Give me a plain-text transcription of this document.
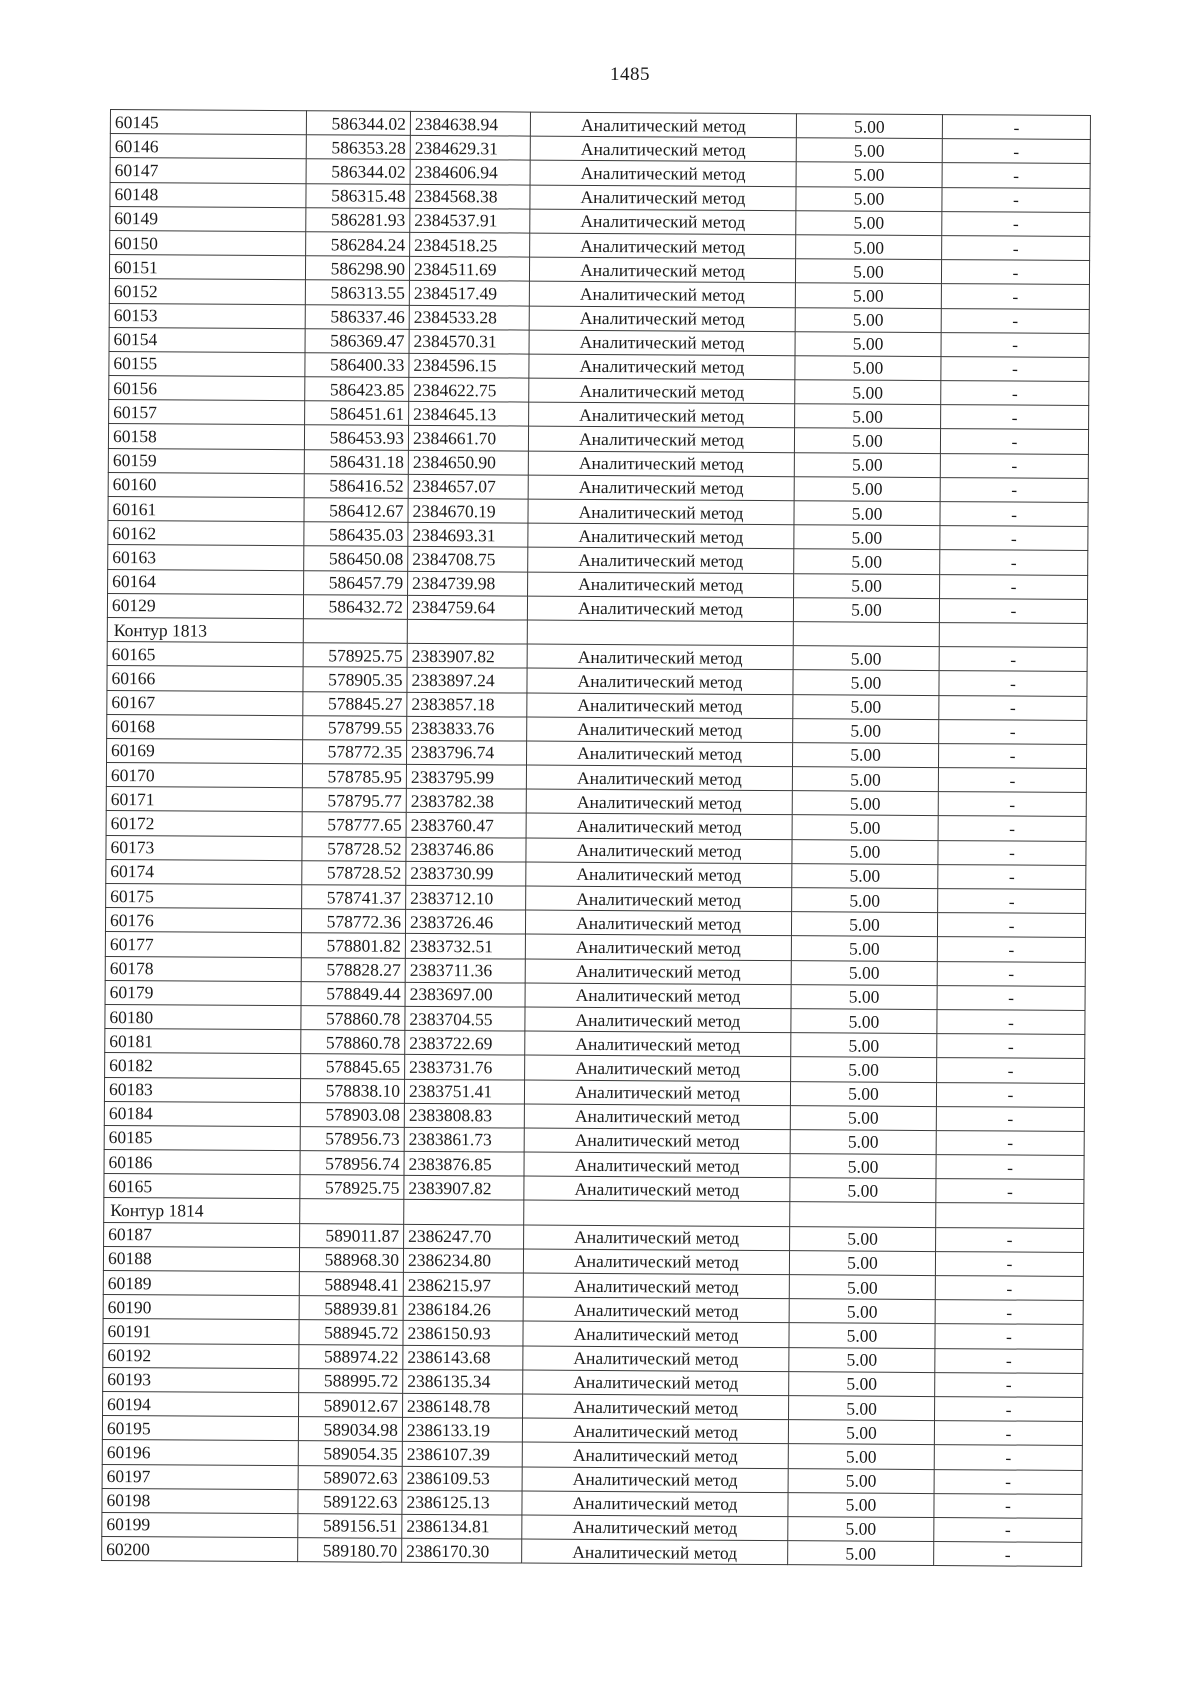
1485
60145	586344.02	2384638.94	Аналитический метод	5.00	-
60146	586353.28	2384629.31	Аналитический метод	5.00	-
60147	586344.02	2384606.94	Аналитический метод	5.00	-
60148	586315.48	2384568.38	Аналитический метод	5.00	-
60149	586281.93	2384537.91	Аналитический метод	5.00	-
60150	586284.24	2384518.25	Аналитический метод	5.00	-
60151	586298.90	2384511.69	Аналитический метод	5.00	-
60152	586313.55	2384517.49	Аналитический метод	5.00	-
60153	586337.46	2384533.28	Аналитический метод	5.00	-
60154	586369.47	2384570.31	Аналитический метод	5.00	-
60155	586400.33	2384596.15	Аналитический метод	5.00	-
60156	586423.85	2384622.75	Аналитический метод	5.00	-
60157	586451.61	2384645.13	Аналитический метод	5.00	-
60158	586453.93	2384661.70	Аналитический метод	5.00	-
60159	586431.18	2384650.90	Аналитический метод	5.00	-
60160	586416.52	2384657.07	Аналитический метод	5.00	-
60161	586412.67	2384670.19	Аналитический метод	5.00	-
60162	586435.03	2384693.31	Аналитический метод	5.00	-
60163	586450.08	2384708.75	Аналитический метод	5.00	-
60164	586457.79	2384739.98	Аналитический метод	5.00	-
60129	586432.72	2384759.64	Аналитический метод	5.00	-
Контур 1813					
60165	578925.75	2383907.82	Аналитический метод	5.00	-
60166	578905.35	2383897.24	Аналитический метод	5.00	-
60167	578845.27	2383857.18	Аналитический метод	5.00	-
60168	578799.55	2383833.76	Аналитический метод	5.00	-
60169	578772.35	2383796.74	Аналитический метод	5.00	-
60170	578785.95	2383795.99	Аналитический метод	5.00	-
60171	578795.77	2383782.38	Аналитический метод	5.00	-
60172	578777.65	2383760.47	Аналитический метод	5.00	-
60173	578728.52	2383746.86	Аналитический метод	5.00	-
60174	578728.52	2383730.99	Аналитический метод	5.00	-
60175	578741.37	2383712.10	Аналитический метод	5.00	-
60176	578772.36	2383726.46	Аналитический метод	5.00	-
60177	578801.82	2383732.51	Аналитический метод	5.00	-
60178	578828.27	2383711.36	Аналитический метод	5.00	-
60179	578849.44	2383697.00	Аналитический метод	5.00	-
60180	578860.78	2383704.55	Аналитический метод	5.00	-
60181	578860.78	2383722.69	Аналитический метод	5.00	-
60182	578845.65	2383731.76	Аналитический метод	5.00	-
60183	578838.10	2383751.41	Аналитический метод	5.00	-
60184	578903.08	2383808.83	Аналитический метод	5.00	-
60185	578956.73	2383861.73	Аналитический метод	5.00	-
60186	578956.74	2383876.85	Аналитический метод	5.00	-
60165	578925.75	2383907.82	Аналитический метод	5.00	-
Контур 1814					
60187	589011.87	2386247.70	Аналитический метод	5.00	-
60188	588968.30	2386234.80	Аналитический метод	5.00	-
60189	588948.41	2386215.97	Аналитический метод	5.00	-
60190	588939.81	2386184.26	Аналитический метод	5.00	-
60191	588945.72	2386150.93	Аналитический метод	5.00	-
60192	588974.22	2386143.68	Аналитический метод	5.00	-
60193	588995.72	2386135.34	Аналитический метод	5.00	-
60194	589012.67	2386148.78	Аналитический метод	5.00	-
60195	589034.98	2386133.19	Аналитический метод	5.00	-
60196	589054.35	2386107.39	Аналитический метод	5.00	-
60197	589072.63	2386109.53	Аналитический метод	5.00	-
60198	589122.63	2386125.13	Аналитический метод	5.00	-
60199	589156.51	2386134.81	Аналитический метод	5.00	-
60200	589180.70	2386170.30	Аналитический метод	5.00	-
